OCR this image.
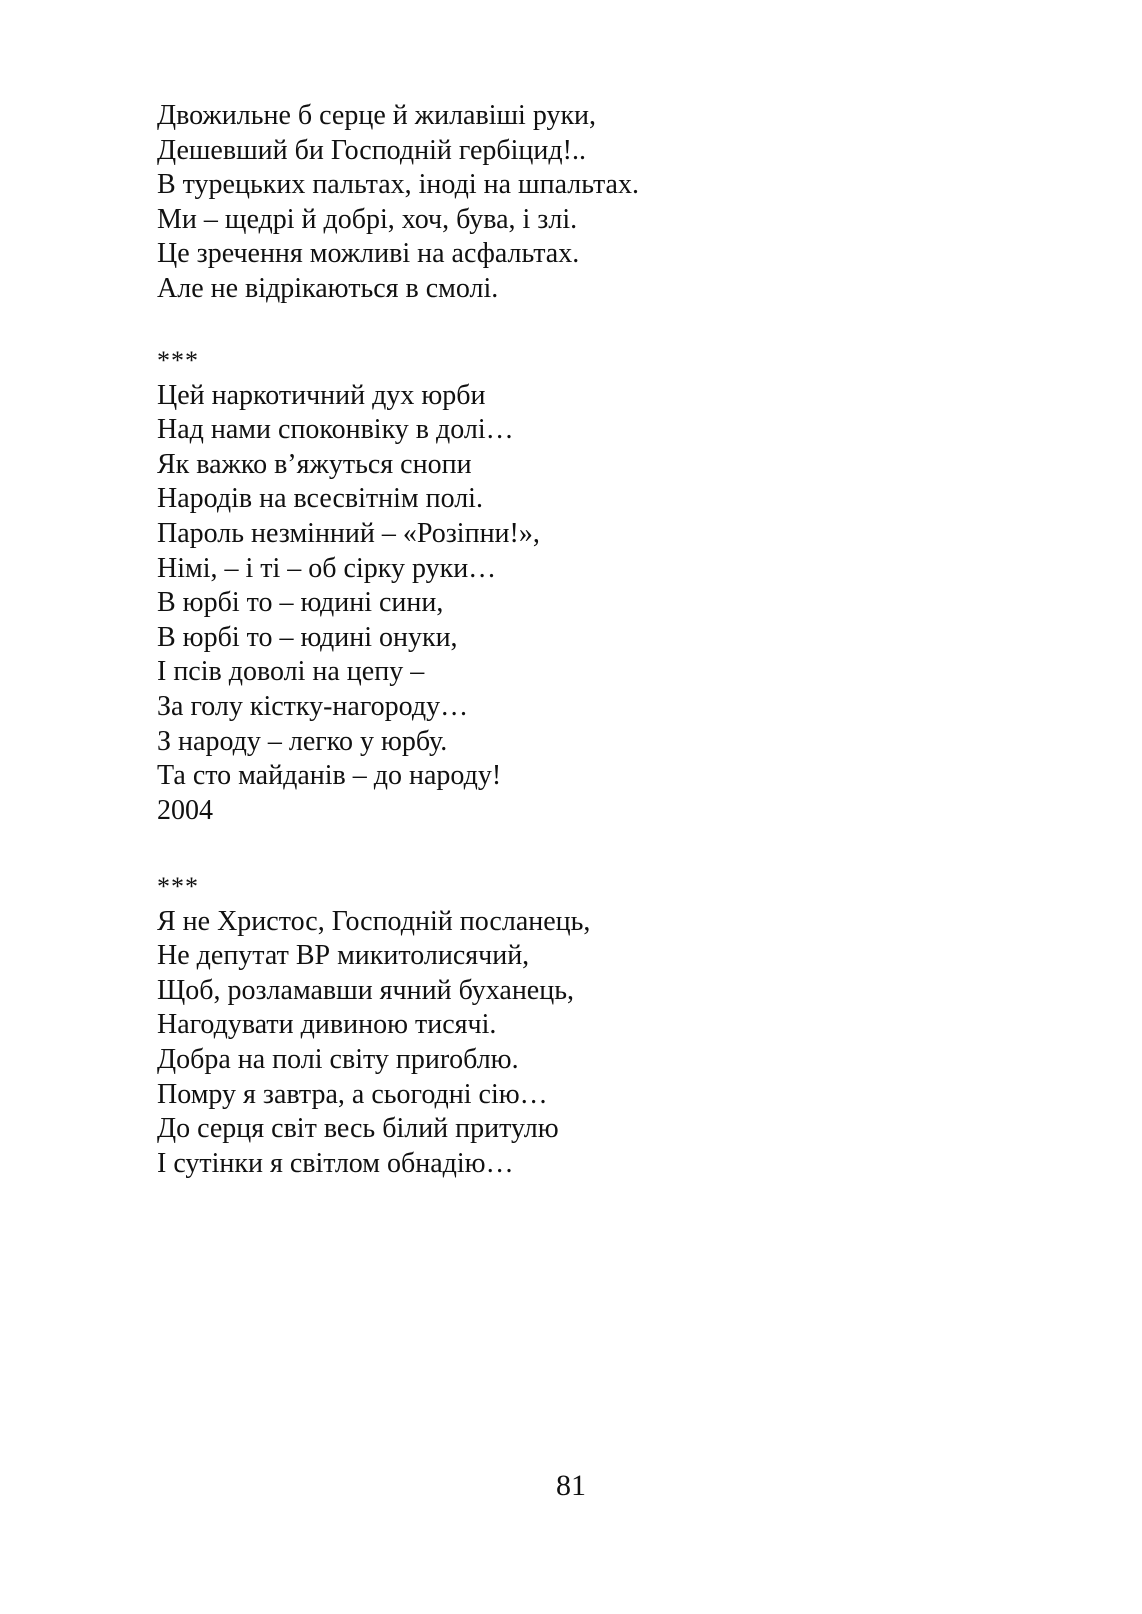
Двожильне б серце й жилавіші руки,
Дешевший би Господній гербіцид!..
В турецьких пальтах, іноді на шпальтах.
Ми – щедрі й добрі, хоч, бува, і злі.
Це зречення можливі на асфальтах.
Але не відрікаються в смолі.
***
Цей наркотичний дух юрби
Над нами споконвіку в долі…
Як важко в’яжуться снопи
Народів на всесвітнім полі.
Пароль незмінний – «Розіпни!»,
Німі, – і ті – об сірку руки…
В юрбі то – юдині сини,
В юрбі то – юдині онуки,
І псів доволі на цепу –
За голу кістку-нагороду…
З народу – легко у юрбу.
Та сто майданів – до народу!
2004
***
Я не Христос, Господній посланець,
Не депутат ВР микитолисячий,
Щоб, розламавши ячний буханець,
Нагодувати дивиною тисячі.
Добра на полі світу приroблю.
Помру я завтра, а сьогодні сію…
До серця світ весь білий притулю
І сутінки я світлом обнадію…
81
